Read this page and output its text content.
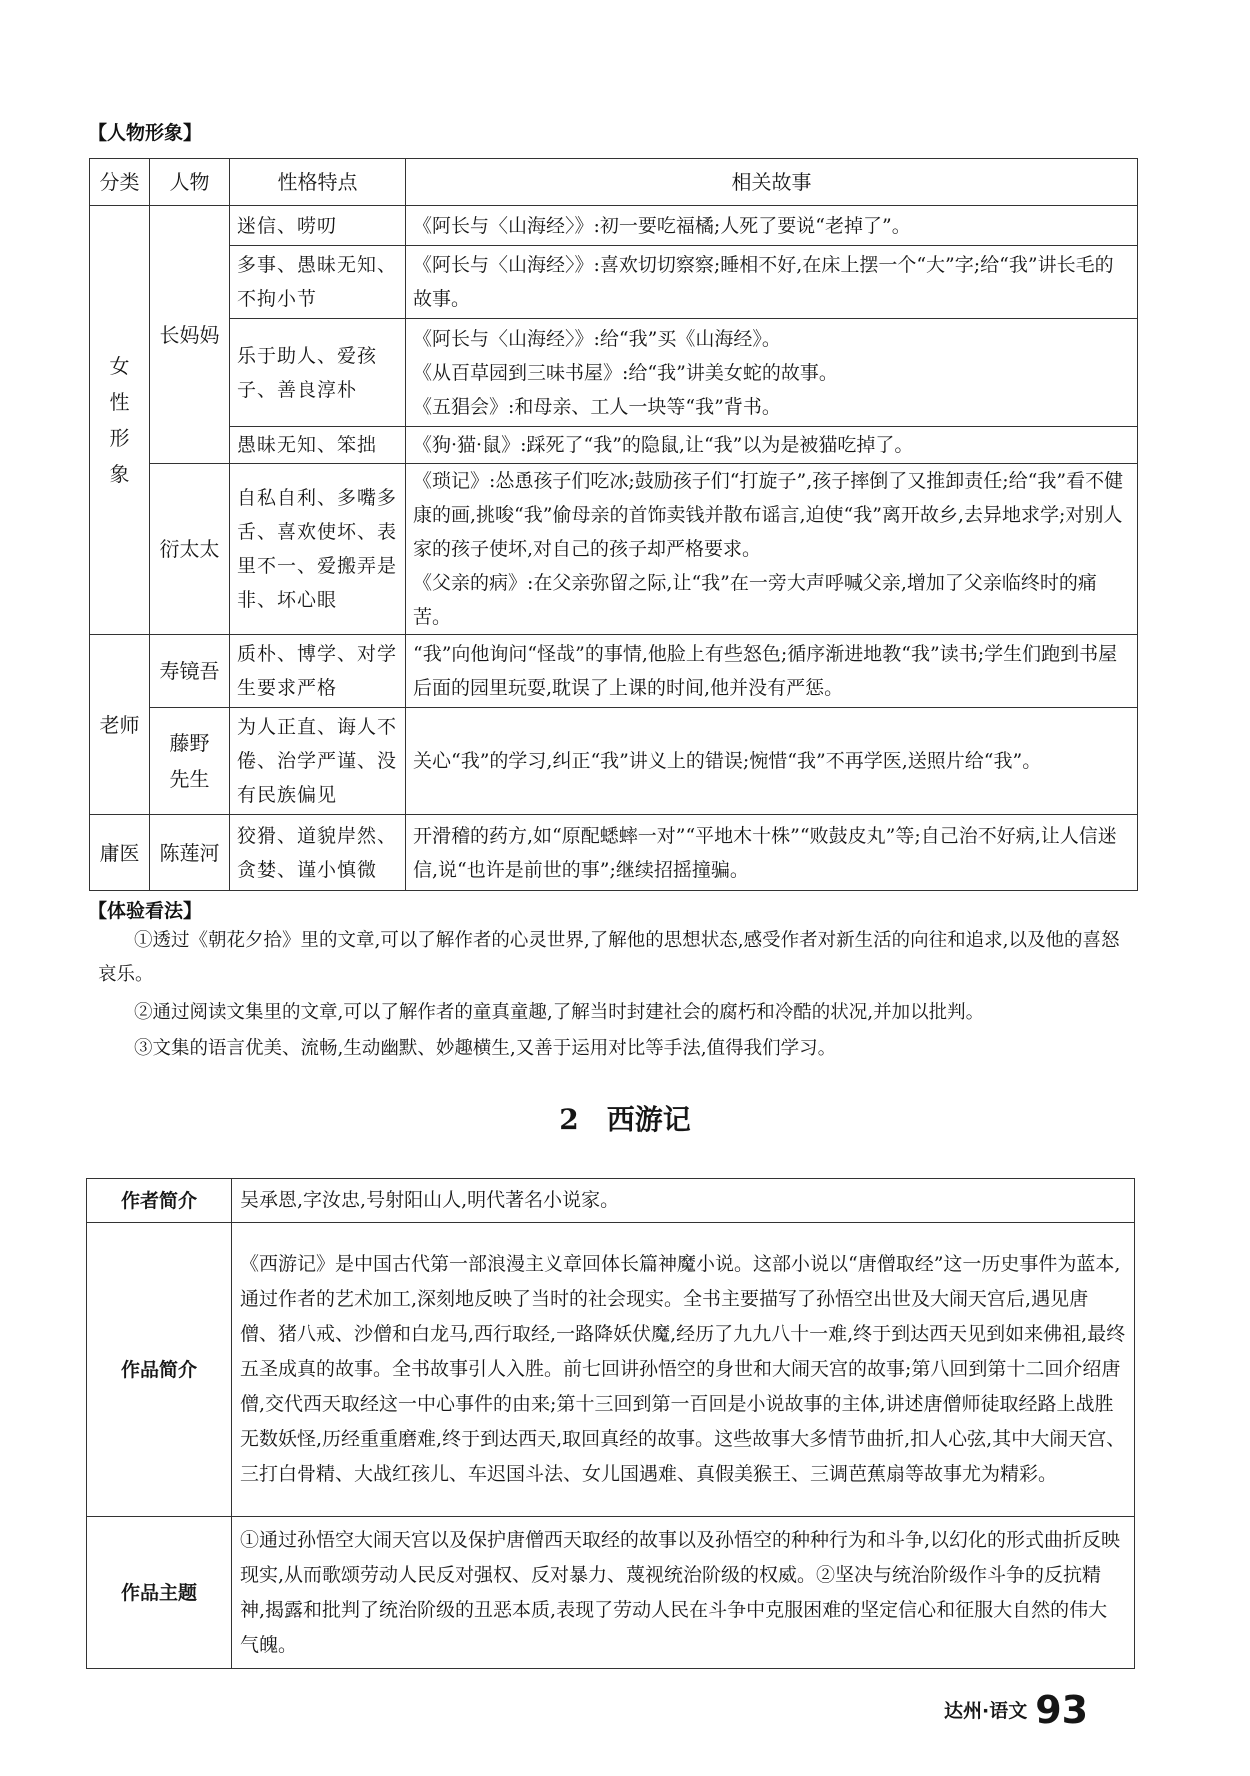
【人物形象】
分类	人物	性格特点	相关故事
女性形象	长妈妈	迷信、唠叨	《阿长与〈山海经〉》:初一要吃福橘;人死了要说“老掉了”。

		多事、愚昧无知、不拘小节	《阿长与〈山海经〉》:喜欢切切察察;睡相不好,在床上摆一个“大”字;给“我”讲长毛的故事。

		乐于助人、爱孩子、善良淳朴	《阿长与〈山海经〉》:给“我”买《山海经》。
《从百草园到三味书屋》:给“我”讲美女蛇的故事。
《五猖会》:和母亲、工人一块等“我”背书。

		愚昧无知、笨拙	《狗·猫·鼠》:踩死了“我”的隐鼠,让“我”以为是被猫吃掉了。

	衍太太	自私自利、多嘴多舌、喜欢使坏、表里不一、爱搬弄是非、坏心眼	《琐记》:怂恿孩子们吃冰;鼓励孩子们“打旋子”,孩子摔倒了又推卸责任;给“我”看不健康的画,挑唆“我”偷母亲的首饰卖钱并散布谣言,迫使“我”离开故乡,去异地求学;对别人家的孩子使坏,对自己的孩子却严格要求。
《父亲的病》:在父亲弥留之际,让“我”在一旁大声呼喊父亲,增加了父亲临终时的痛苦。

老师	寿镜吾	质朴、博学、对学生要求严格	“我”向他询问“怪哉”的事情,他脸上有些怒色;循序渐进地教“我”读书;学生们跑到书屋后面的园里玩耍,耽误了上课的时间,他并没有严惩。

	藤野先生	为人正直、诲人不倦、治学严谨、没有民族偏见	关心“我”的学习,纠正“我”讲义上的错误;惋惜“我”不再学医,送照片给“我”。

庸医	陈莲河	狡猾、道貌岸然、贪婪、谨小慎微	开滑稽的药方,如“原配蟋蟀一对”“平地木十株”“败鼓皮丸”等;自己治不好病,让人信迷信,说“也许是前世的事”;继续招摇撞骗。
【体验看法】
①透过《朝花夕拾》里的文章,可以了解作者的心灵世界,了解他的思想状态,感受作者对新生活的向往和追求,以及他的喜怒哀乐。
②通过阅读文集里的文章,可以了解作者的童真童趣,了解当时封建社会的腐朽和冷酷的状况,并加以批判。
③文集的语言优美、流畅,生动幽默、妙趣横生,又善于运用对比等手法,值得我们学习。
2　西游记
作者简介	吴承恩,字汝忠,号射阳山人,明代著名小说家。
作品简介	《西游记》是中国古代第一部浪漫主义章回体长篇神魔小说。这部小说以“唐僧取经”这一历史事件为蓝本,通过作者的艺术加工,深刻地反映了当时的社会现实。全书主要描写了孙悟空出世及大闹天宫后,遇见唐僧、猪八戒、沙僧和白龙马,西行取经,一路降妖伏魔,经历了九九八十一难,终于到达西天见到如来佛祖,最终五圣成真的故事。全书故事引人入胜。前七回讲孙悟空的身世和大闹天宫的故事;第八回到第十二回介绍唐僧,交代西天取经这一中心事件的由来;第十三回到第一百回是小说故事的主体,讲述唐僧师徒取经路上战胜无数妖怪,历经重重磨难,终于到达西天,取回真经的故事。这些故事大多情节曲折,扣人心弦,其中大闹天宫、三打白骨精、大战红孩儿、车迟国斗法、女儿国遇难、真假美猴王、三调芭蕉扇等故事尤为精彩。
作品主题	①通过孙悟空大闹天宫以及保护唐僧西天取经的故事以及孙悟空的种种行为和斗争,以幻化的形式曲折反映现实,从而歌颂劳动人民反对强权、反对暴力、蔑视统治阶级的权威。②坚决与统治阶级作斗争的反抗精神,揭露和批判了统治阶级的丑恶本质,表现了劳动人民在斗争中克服困难的坚定信心和征服大自然的伟大气魄。
达州·语文 93
